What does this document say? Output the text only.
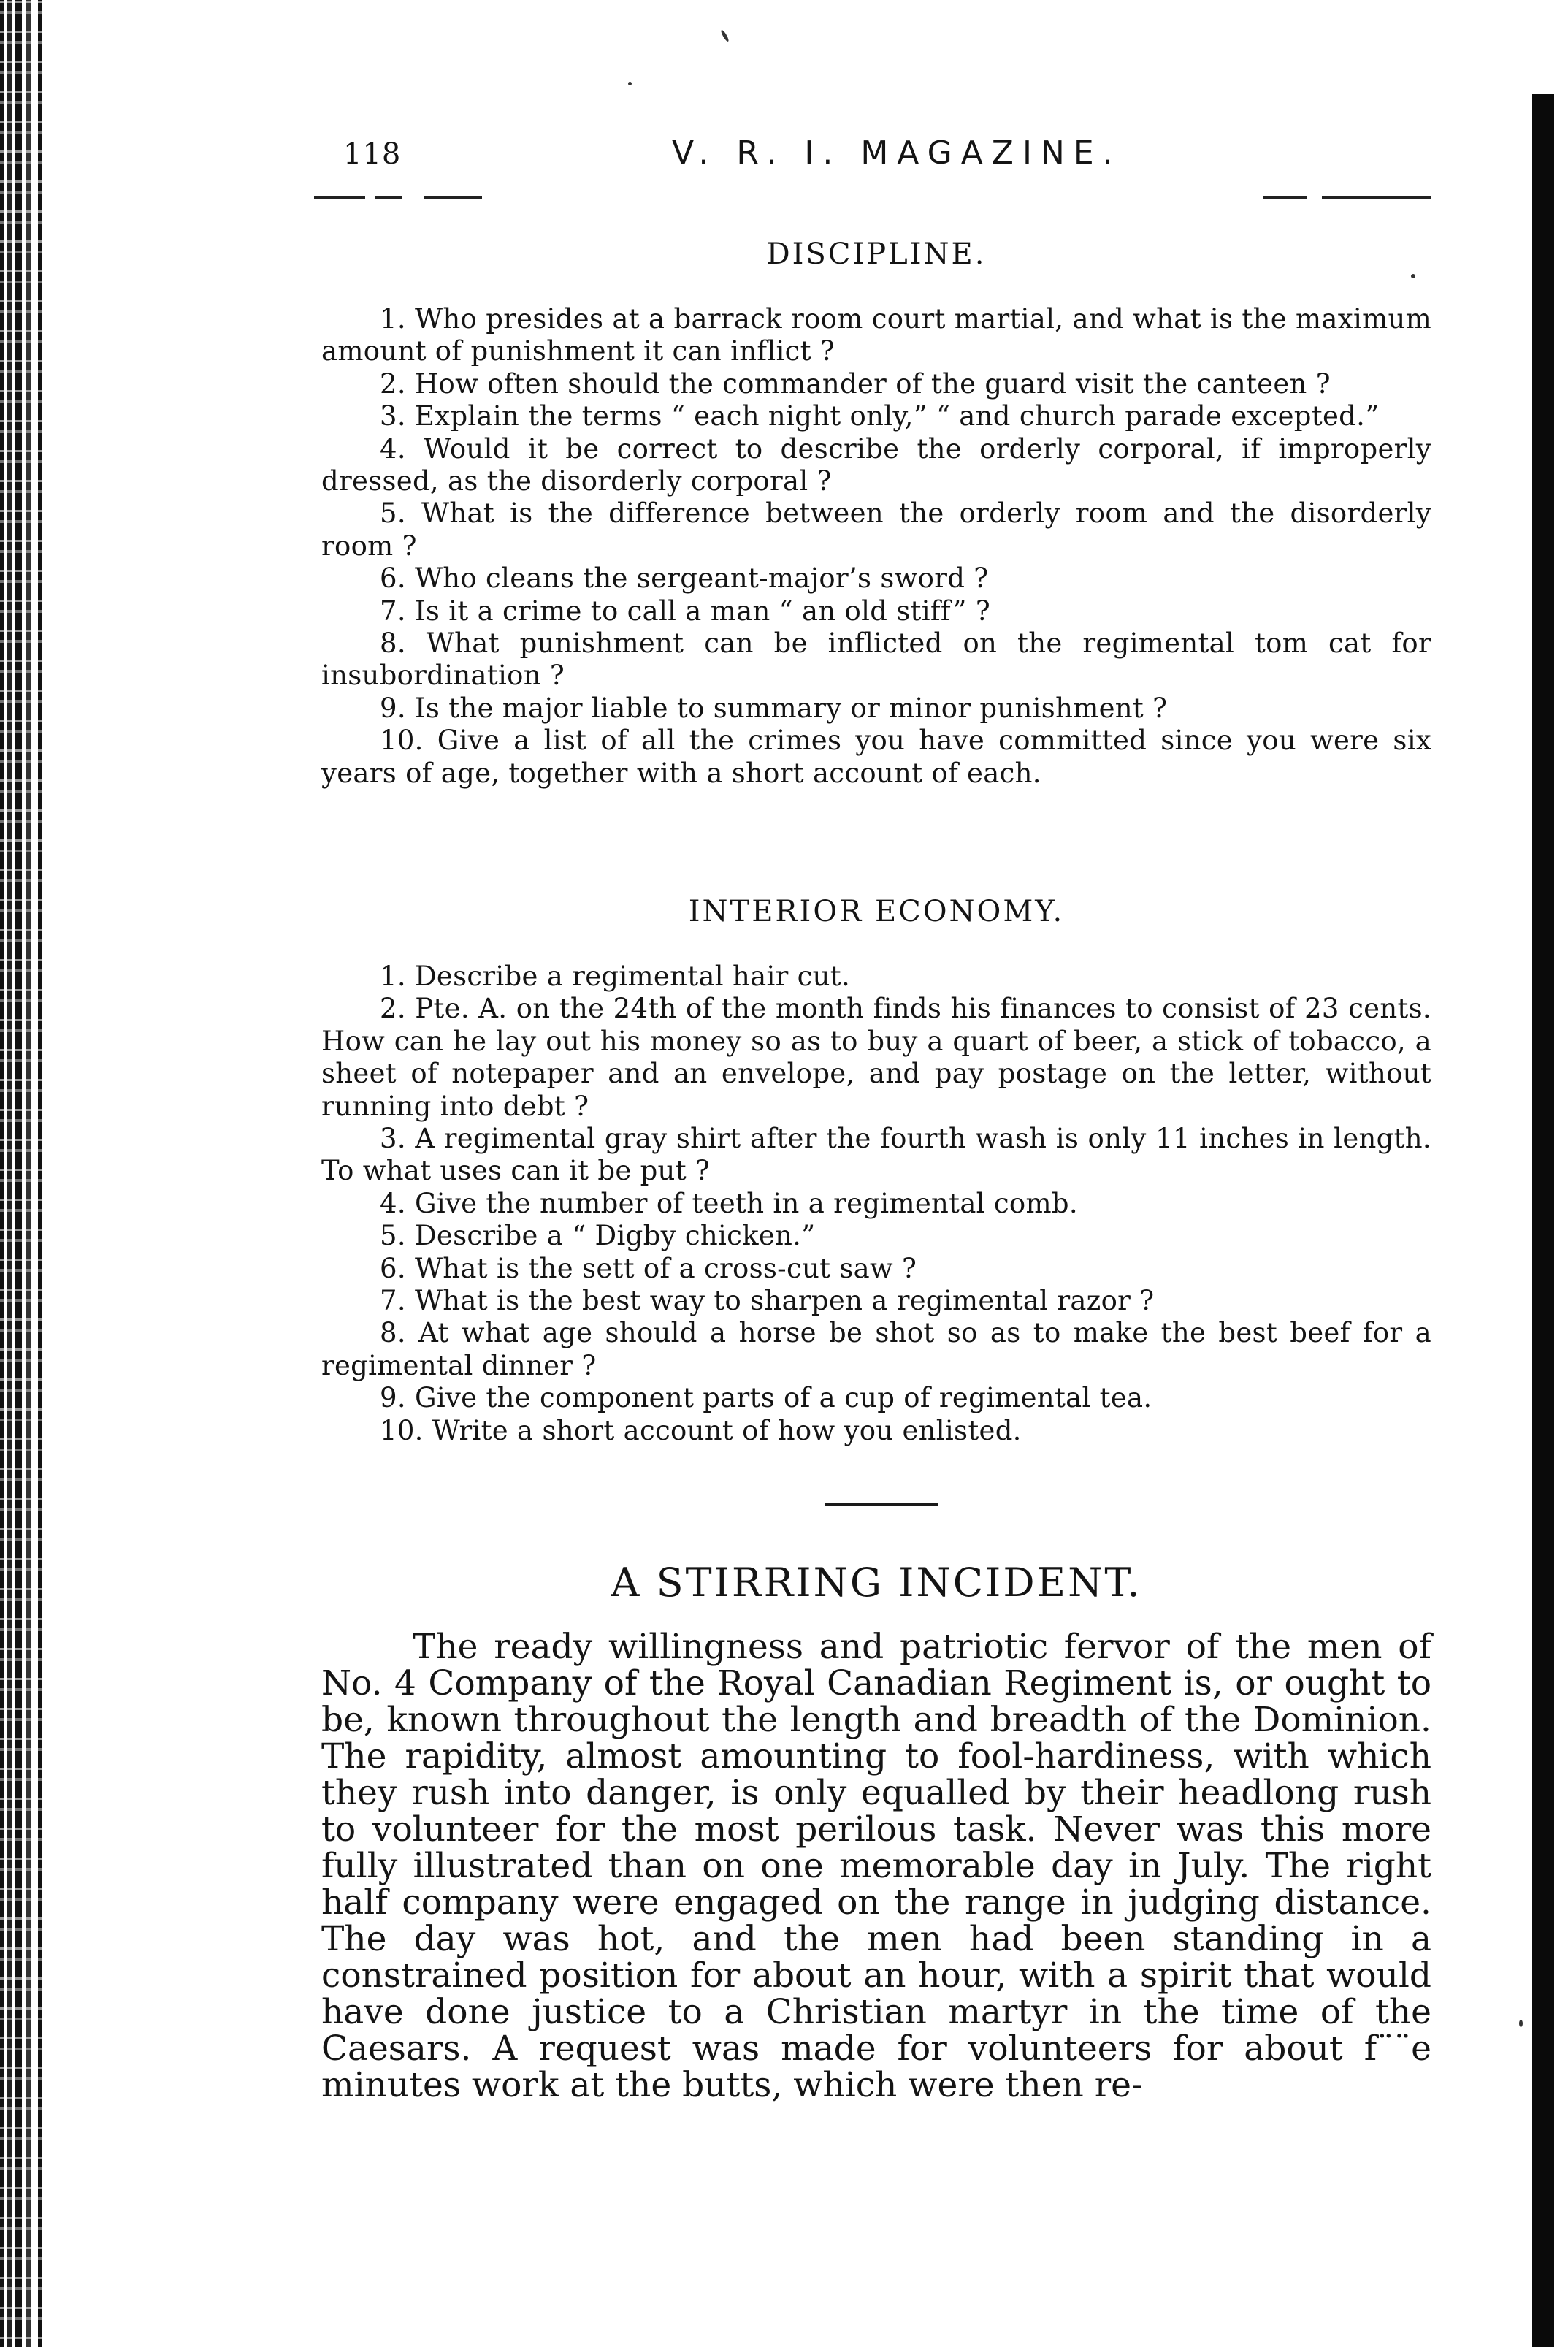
118	V. R. I. MAGAZINE.
DISCIPLINE.

1. Who presides at a barrack room court martial, and what is the maximum amount of punishment it can inflict ?

2. How often should the commander of the guard visit the canteen ?

3. Explain the terms “ each night only,” “ and church parade excepted.”

4. Would it be correct to describe the orderly corporal, if improperly dressed, as the disorderly corporal ?

5. What is the difference between the orderly room and the disorderly room ?

6. Who cleans the sergeant-major’s sword ?

7. Is it a crime to call a man “ an old stiff” ?

8. What punishment can be inflicted on the regimental tom cat for insubordination ?

9. Is the major liable to summary or minor punishment ?

10. Give a list of all the crimes you have committed since you were six years of age, together with a short account of each.

INTERIOR ECONOMY.

1. Describe a regimental hair cut.

2. Pte. A. on the 24th of the month finds his finances to consist of 23 cents. How can he lay out his money so as to buy a quart of beer, a stick of tobacco, a sheet of notepaper and an envelope, and pay postage on the letter, without running into debt ?

3. A regimental gray shirt after the fourth wash is only 11 inches in length. To what uses can it be put ?

4. Give the number of teeth in a regimental comb.

5. Describe a “ Digby chicken.”

6. What is the sett of a cross-cut saw ?

7. What is the best way to sharpen a regimental razor ?

8. At what age should a horse be shot so as to make the best beef for a regimental dinner ?

9. Give the component parts of a cup of regimental tea.

10. Write a short account of how you enlisted.

A STIRRING INCIDENT.

The ready willingness and patriotic fervor of the men of No. 4 Company of the Royal Canadian Regiment is, or ought to be, known throughout the length and breadth of the Dominion. The rapidity, almost amounting to fool-hardiness, with which they rush into danger, is only equalled by their headlong rush to volunteer for the most perilous task. Never was this more fully illustrated than on one memorable day in July. The right half company were engaged on the range in judging distance. The day was hot, and the men had been standing in a constrained position for about an hour, with a spirit that would have done justice to a Christian martyr in the time of the Caesars. A request was made for volunteers for about f¨¨e minutes work at the butts, which were then re-
